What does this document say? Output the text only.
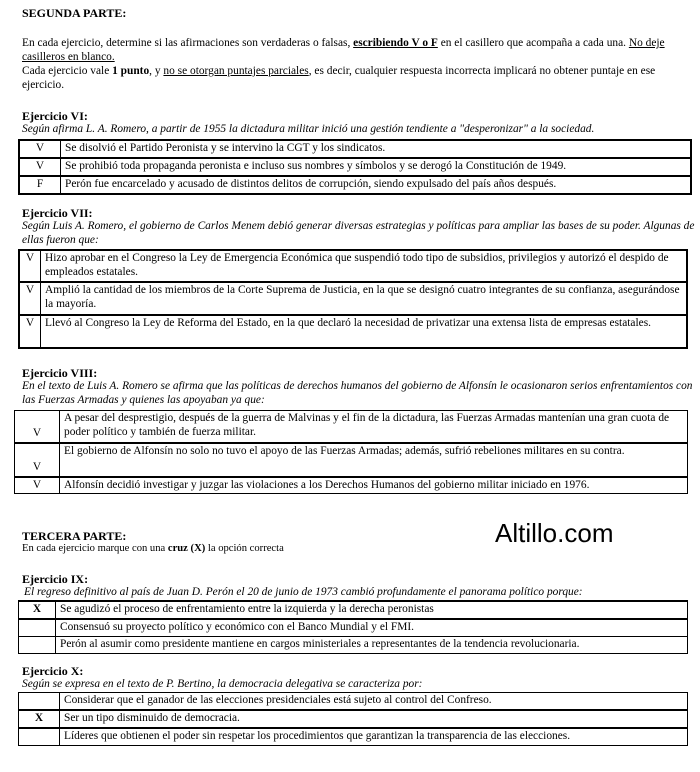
SEGUNDA PARTE:
En cada ejercicio, determine si las afirmaciones son verdaderas o falsas, escribiendo V o F en el casillero que acompaña a cada una. No deje casilleros en blanco.
Cada ejercicio vale 1 punto, y no se otorgan puntajes parciales, es decir, cualquier respuesta incorrecta implicará no obtener puntaje en ese ejercicio.
Ejercicio VI:
Según afirma L. A. Romero, a partir de 1955 la dictadura militar inició una gestión tendiente a "desperonizar" a la sociedad.
V	Se disolvió el Partido Peronista y se intervino la CGT y los sindicatos.
V	Se prohibió toda propaganda peronista e incluso sus nombres y símbolos y se derogó la Constitución de 1949.
F	Perón fue encarcelado y acusado de distintos delitos de corrupción, siendo expulsado del país años después.
Ejercicio VII:
Según Luis A. Romero, el gobierno de Carlos Menem debió generar diversas estrategias y políticas para ampliar las bases de su poder. Algunas de ellas fueron que:
V	Hizo aprobar en el Congreso la Ley de Emergencia Económica que suspendió todo tipo de subsidios, privilegios y autorizó el despido de empleados estatales.
V	Amplió la cantidad de los miembros de la Corte Suprema de Justicia, en la que se designó cuatro integrantes de su confianza, asegurándose la mayoría.
V	Llevó al Congreso la Ley de Reforma del Estado, en la que declaró la necesidad de privatizar una extensa lista de empresas estatales.
Ejercicio VIII:
En el texto de Luis A. Romero se afirma que las políticas de derechos humanos del gobierno de Alfonsín le ocasionaron serios enfrentamientos con las Fuerzas Armadas y quienes las apoyaban ya que:
V	A pesar del desprestigio, después de la guerra de Malvinas y el fin de la dictadura, las Fuerzas Armadas mantenían una gran cuota de poder político y también de fuerza militar.
V	El gobierno de Alfonsín no solo no tuvo el apoyo de las Fuerzas Armadas; además, sufrió rebeliones militares en su contra.
V	Alfonsín decidió investigar y juzgar las violaciones a los Derechos Humanos del gobierno militar iniciado en 1976.
TERCERA PARTE:
En cada ejercicio marque con una cruz (X) la opción correcta
Altillo.com
Ejercicio IX:
El regreso definitivo al país de Juan D. Perón el 20 de junio de 1973 cambió profundamente el panorama político porque:
X	Se agudizó el proceso de enfrentamiento entre la izquierda y la derecha peronistas
	Consensuó su proyecto político y económico con el Banco Mundial y el FMI.
	Perón al asumir como presidente mantiene en cargos ministeriales a representantes de la tendencia revolucionaria.
Ejercicio X:
Según se expresa en el texto de P. Bertino, la democracia delegativa se caracteriza por:
	Considerar que el ganador de las elecciones presidenciales está sujeto al control del Confreso.
X	Ser un tipo disminuido de democracia.
	Líderes que obtienen el poder sin respetar los procedimientos que garantizan la transparencia de las elecciones.
